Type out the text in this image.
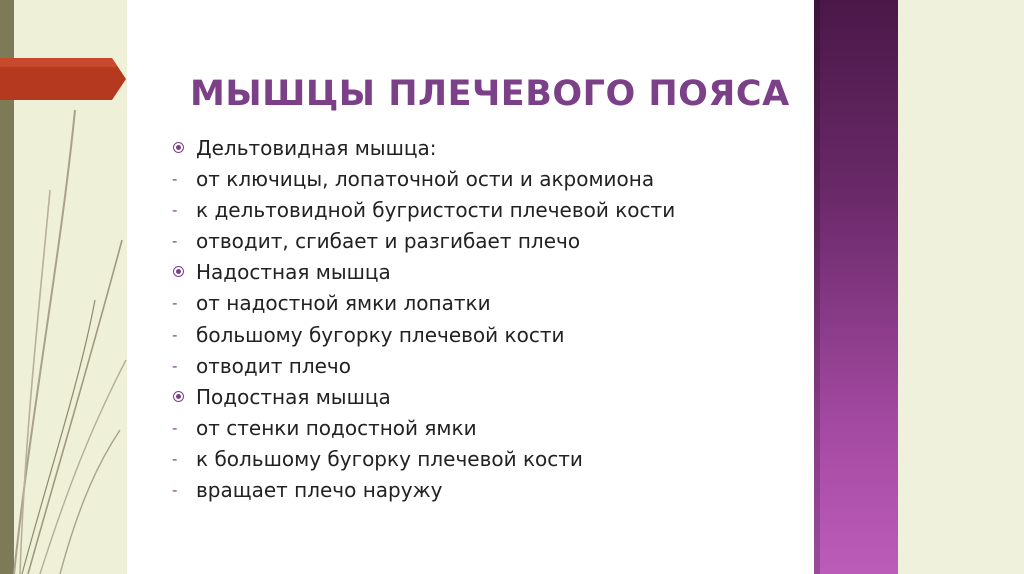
МЫШЦЫ ПЛЕЧЕВОГО ПОЯСА
Дельтовидная мышца:
- от ключицы, лопаточной ости и акромиона
- к дельтовидной бугристости плечевой кости
- отводит, сгибает и разгибает плечо
Надостная мышца
- от надостной ямки лопатки
- большому бугорку плечевой кости
- отводит плечо
Подостная мышца
- от стенки подостной ямки
- к большому бугорку плечевой кости
- вращает плечо наружу
